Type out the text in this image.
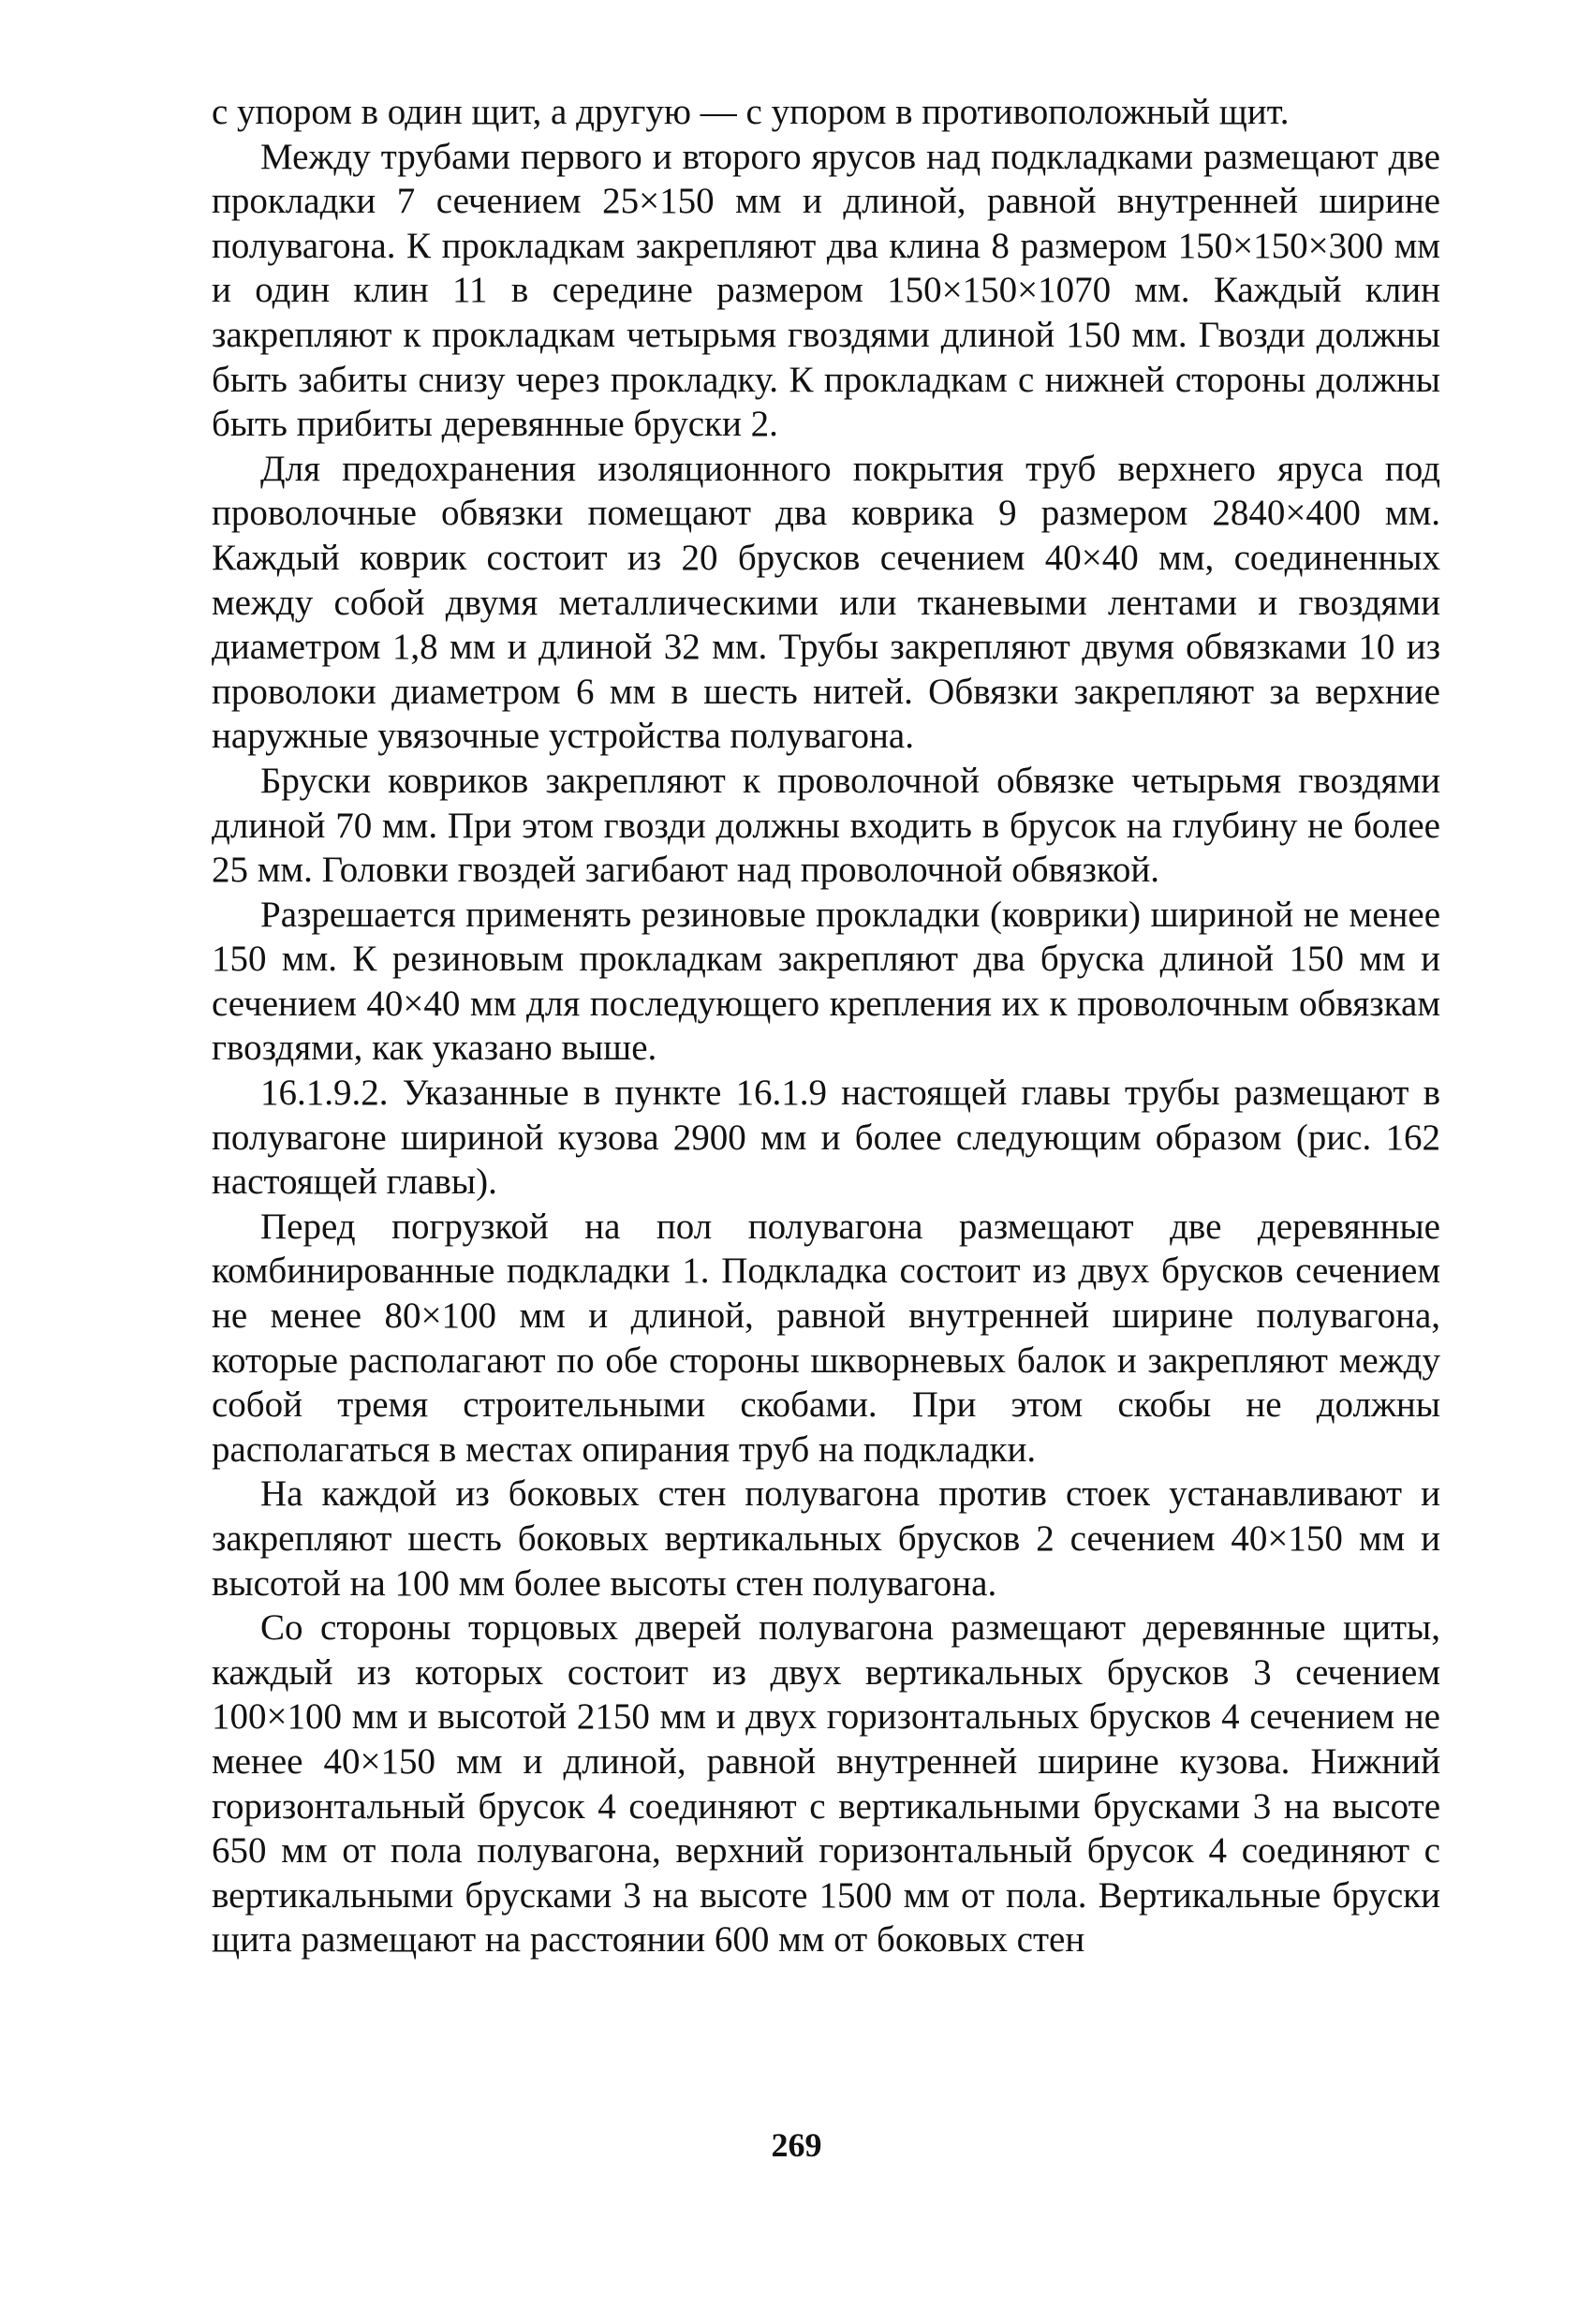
с упором в один щит, а другую — с упором в противоположный щит.

Между трубами первого и второго ярусов над подкладками размещают две прокладки 7 сечением 25×150 мм и длиной, равной внутренней ширине полувагона. К прокладкам закрепляют два клина 8 размером 150×150×300 мм и один клин 11 в середине размером 150×150×1070 мм. Каждый клин закрепляют к прокладкам четырьмя гвоздями длиной 150 мм. Гвозди должны быть забиты снизу через прокладку. К прокладкам с нижней стороны должны быть прибиты деревянные бруски 2.

Для предохранения изоляционного покрытия труб верхнего яруса под проволочные обвязки помещают два коврика 9 размером 2840×400 мм. Каждый коврик состоит из 20 брусков сечением 40×40 мм, соединенных между собой двумя металлическими или тканевыми лентами и гвоздями диаметром 1,8 мм и длиной 32 мм. Трубы закрепляют двумя обвязками 10 из проволоки диаметром 6 мм в шесть нитей. Обвязки закрепляют за верхние наружные увязочные устройства полувагона.

Бруски ковриков закрепляют к проволочной обвязке четырьмя гвоздями длиной 70 мм. При этом гвозди должны входить в брусок на глубину не более 25 мм. Головки гвоздей загибают над проволочной обвязкой.

Разрешается применять резиновые прокладки (коврики) шириной не менее 150 мм. К резиновым прокладкам закрепляют два бруска длиной 150 мм и сечением 40×40 мм для последующего крепления их к проволочным обвязкам гвоздями, как указано выше.

16.1.9.2. Указанные в пункте 16.1.9 настоящей главы трубы размещают в полувагоне шириной кузова 2900 мм и более следующим образом (рис. 162 настоящей главы).

Перед погрузкой на пол полувагона размещают две деревянные комбинированные подкладки 1. Подкладка состоит из двух брусков сечением не менее 80×100 мм и длиной, равной внутренней ширине полувагона, которые располагают по обе стороны шкворневых балок и закрепляют между собой тремя строительными скобами. При этом скобы не должны располагаться в местах опирания труб на подкладки.

На каждой из боковых стен полувагона против стоек устанавливают и закрепляют шесть боковых вертикальных брусков 2 сечением 40×150 мм и высотой на 100 мм более высоты стен полувагона.

Со стороны торцовых дверей полувагона размещают деревянные щиты, каждый из которых состоит из двух вертикальных брусков 3 сечением 100×100 мм и высотой 2150 мм и двух горизонтальных брусков 4 сечением не менее 40×150 мм и длиной, равной внутренней ширине кузова. Нижний горизонтальный брусок 4 соединяют с вертикальными брусками 3 на высоте 650 мм от пола полувагона, верхний горизонтальный брусок 4 соединяют с вертикальными брусками 3 на высоте 1500 мм от пола. Вертикальные бруски щита размещают на расстоянии 600 мм от боковых стен

269
